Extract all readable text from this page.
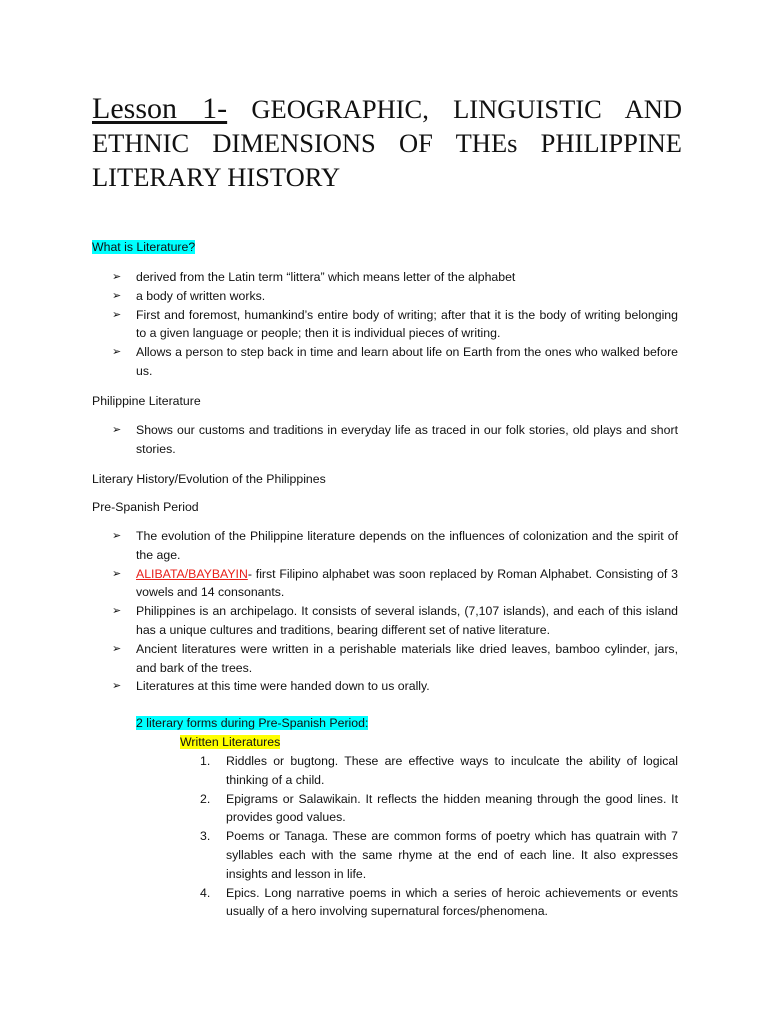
Lesson 1- GEOGRAPHIC, LINGUISTIC AND
ETHNIC DIMENSIONS OF THEs PHILIPPINE
LITERARY HISTORY

What is Literature?

➢ derived from the Latin term “littera” which means letter of the alphabet
➢ a body of written works.
➢ First and foremost, humankind’s entire body of writing; after that it is the body of writing belonging to a given language or people; then it is individual pieces of writing.
➢ Allows a person to step back in time and learn about life on Earth from the ones who walked before us.

Philippine Literature

➢ Shows our customs and traditions in everyday life as traced in our folk stories, old plays and short stories.

Literary History/Evolution of the Philippines

Pre-Spanish Period

➢ The evolution of the Philippine literature depends on the influences of colonization and the spirit of the age.
➢ ALIBATA/BAYBAYIN- first Filipino alphabet was soon replaced by Roman Alphabet. Consisting of 3 vowels and 14 consonants.
➢ Philippines is an archipelago. It consists of several islands, (7,107 islands), and each of this island has a unique cultures and traditions, bearing different set of native literature.
➢ Ancient literatures were written in a perishable materials like dried leaves, bamboo cylinder, jars, and bark of the trees.
➢ Literatures at this time were handed down to us orally.

2 literary forms during Pre-Spanish Period:

Written Literatures

1. Riddles or bugtong. These are effective ways to inculcate the ability of logical thinking of a child.
2. Epigrams or Salawikain. It reflects the hidden meaning through the good lines. It provides good values.
3. Poems or Tanaga. These are common forms of poetry which has quatrain with 7 syllables each with the same rhyme at the end of each line. It also expresses insights and lesson in life.
4. Epics. Long narrative poems in which a series of heroic achievements or events usually of a hero involving supernatural forces/phenomena.
